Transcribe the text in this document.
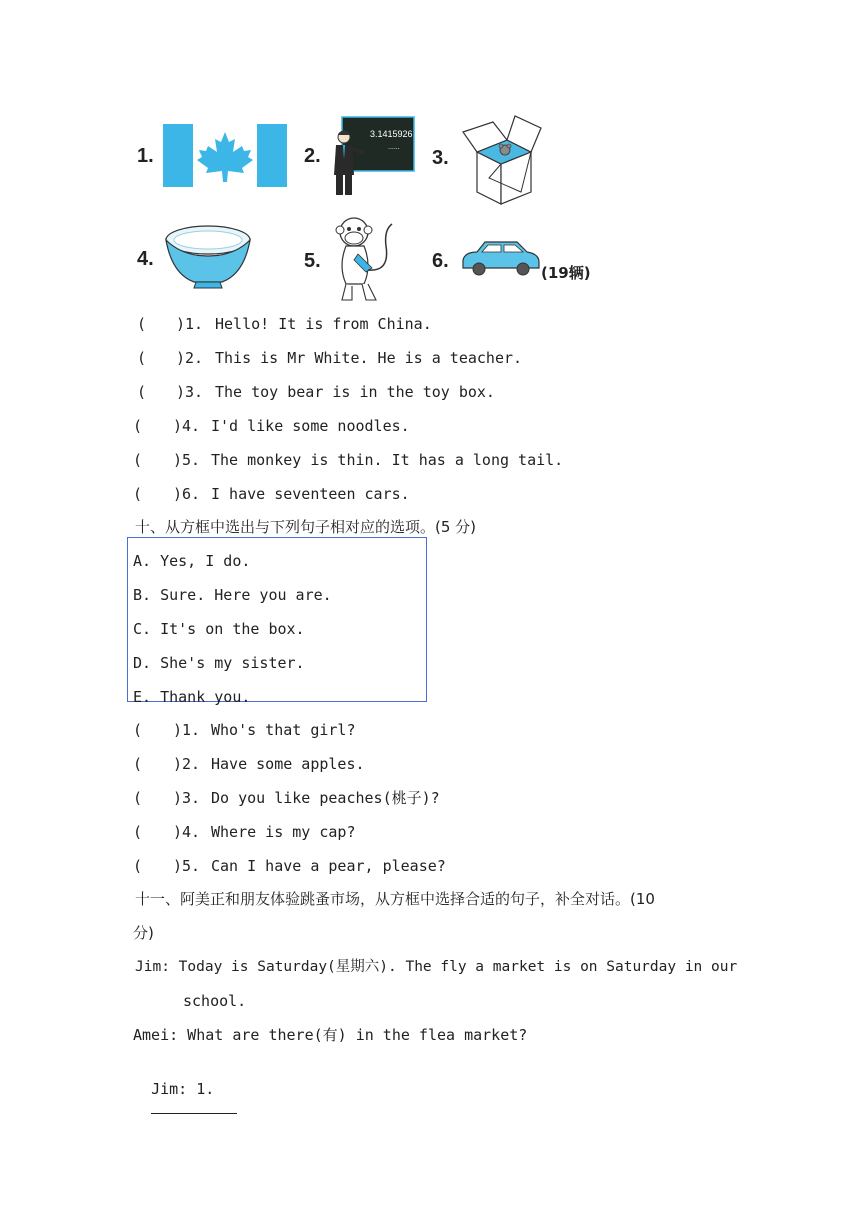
1.	2.
3.1415926
...... 3.
4.	5.	6.
(19辆)
( )1. Hello! It is from China.
( )2. This is Mr White. He is a teacher.
( )3. The toy bear is in the toy box.
( )4. I'd like some noodles.
( )5. The monkey is thin. It has a long tail.
( )6. I have seventeen cars.
十、从方框中选出与下列句子相对应的选项。(5 分)
A. Yes, I do.
B. Sure. Here you are.
C. It's on the box.
D. She's my sister.
E. Thank you.
( )1. Who's that girl?
( )2. Have some apples.
( )3. Do you like peaches(桃子)?
( )4. Where is my cap?
( )5. Can I have a pear, please?
十一、阿美正和朋友体验跳蚤市场，从方框中选择合适的句子，补全对话。(10
分)
Jim: Today is Saturday(星期六). The fly a market is on Saturday in our
school.
Amei: What are there(有) in the flea market?

Jim: 1.
